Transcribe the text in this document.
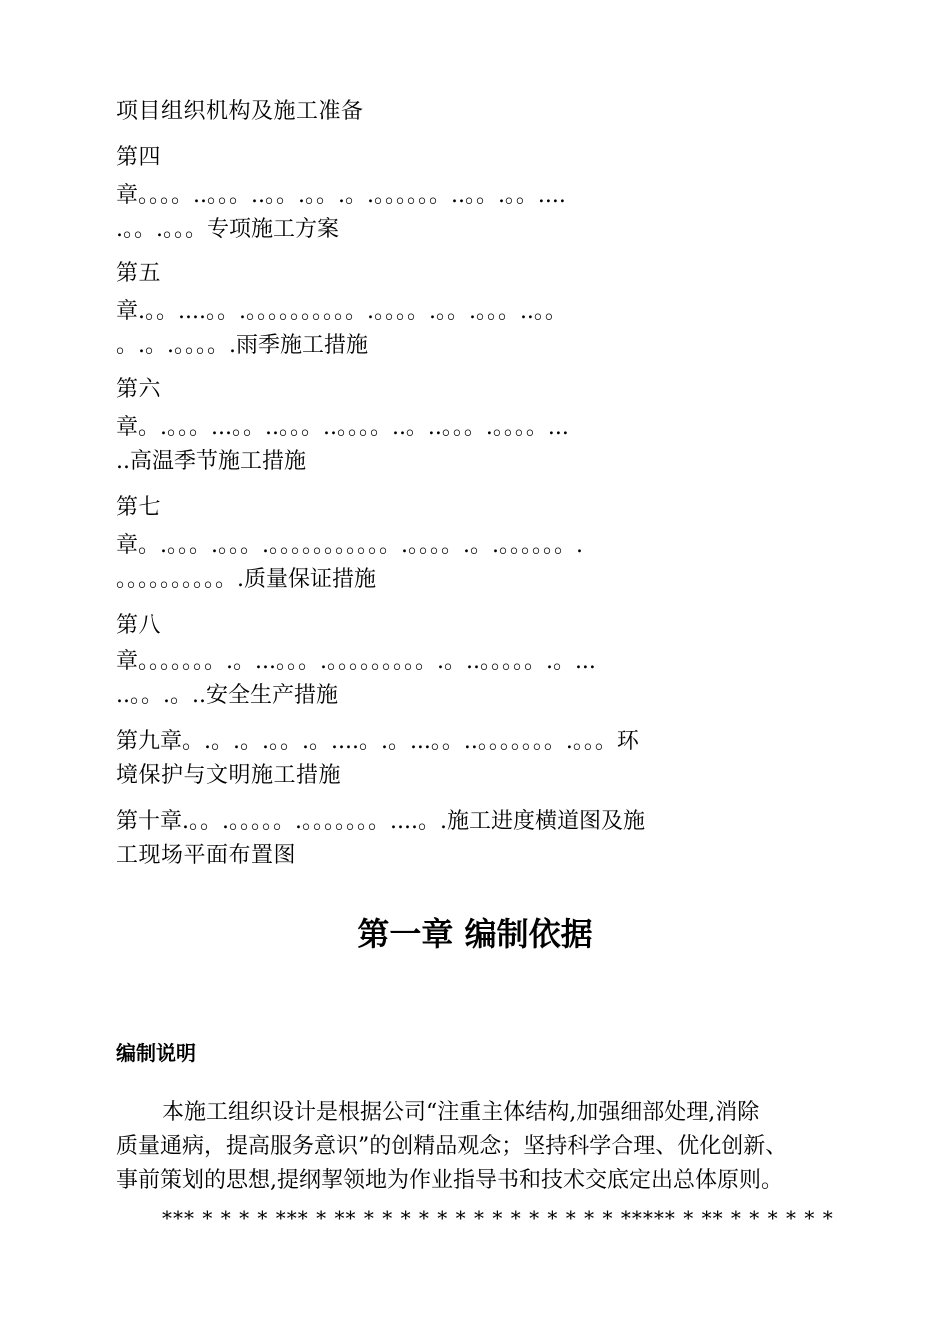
项目组织机构及施工准备
第四
章。。。。..。。。..。。.。。.。.。。。。。。..。。.。。....
.。。.。。。专项施工方案
第五
章.。。....。。.。。。。。。。。。。.。。。。.。。.。。。..。。
。.。.。。。。.雨季施工措施
第六
章。.。。。...。。..。。。..。。。。..。..。。。.。。。。...
..高温季节施工措施
第七
章。.。。。.。。。.。。。。。。。。。。。.。。。。.。.。。。。。。.
。。。。。。。。。。.质量保证措施
第八
章。。。。。。。.。...。。。.。。。。。。。。。.。..。。。。。.。...
..。。.。..安全生产措施
第九章。.。.。.。。.。....。.。...。。..。。。。。。。.。。。环
境保护与文明施工措施
第十章.。。.。。。。。.。。。。。。。....。.施工进度横道图及施
工现场平面布置图
第一章 编制依据
编制说明
本施工组织设计是根据公司“注重主体结构,加强细部处理,消除
质量通病，提高服务意识”的创精品观念；坚持科学合理、优化创新、
事前策划的思想,提纲挈领地为作业指导书和技术交底定出总体原则。
*** * * * * *** * ** * * * * * * * * * * * * * * ***** * ** * * * * * *
